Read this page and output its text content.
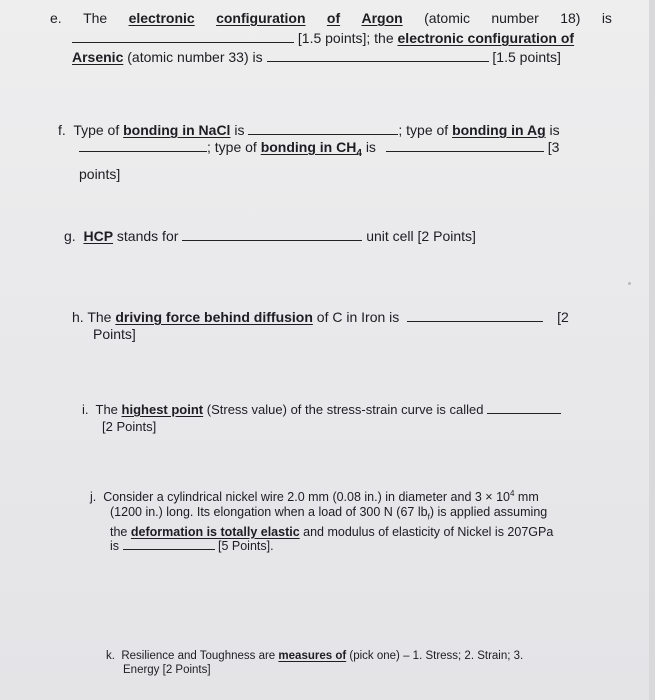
e. The electronic configuration of Argon (atomic number 18) is
[1.5 points]; the electronic configuration of
Arsenic (atomic number 33) is	[1.5 points]
f. Type of bonding in NaCl is	; type of bonding in Ag is
; type of bonding in $CH_4$ is	[3
points]
g. HCP stands for	unit cell [2 Points]
h. The driving force behind diffusion of C in Iron is	[2
Points]
i. The highest point (Stress value) of the stress-strain curve is called
[2 Points]
j. Consider a cylindrical nickel wire 2.0 mm (0.08 in.) in diameter and $3 \times 10^4$ mm
(1200 in.) long. Its elongation when a load of 300 N (67 $lb_f$) is applied assuming
the deformation is totally elastic and modulus of elasticity of Nickel is 207GPa
is	[5 Points].
k. Resilience and Toughness are measures of (pick one) – 1. Stress; 2. Strain; 3.
Energy [2 Points]
